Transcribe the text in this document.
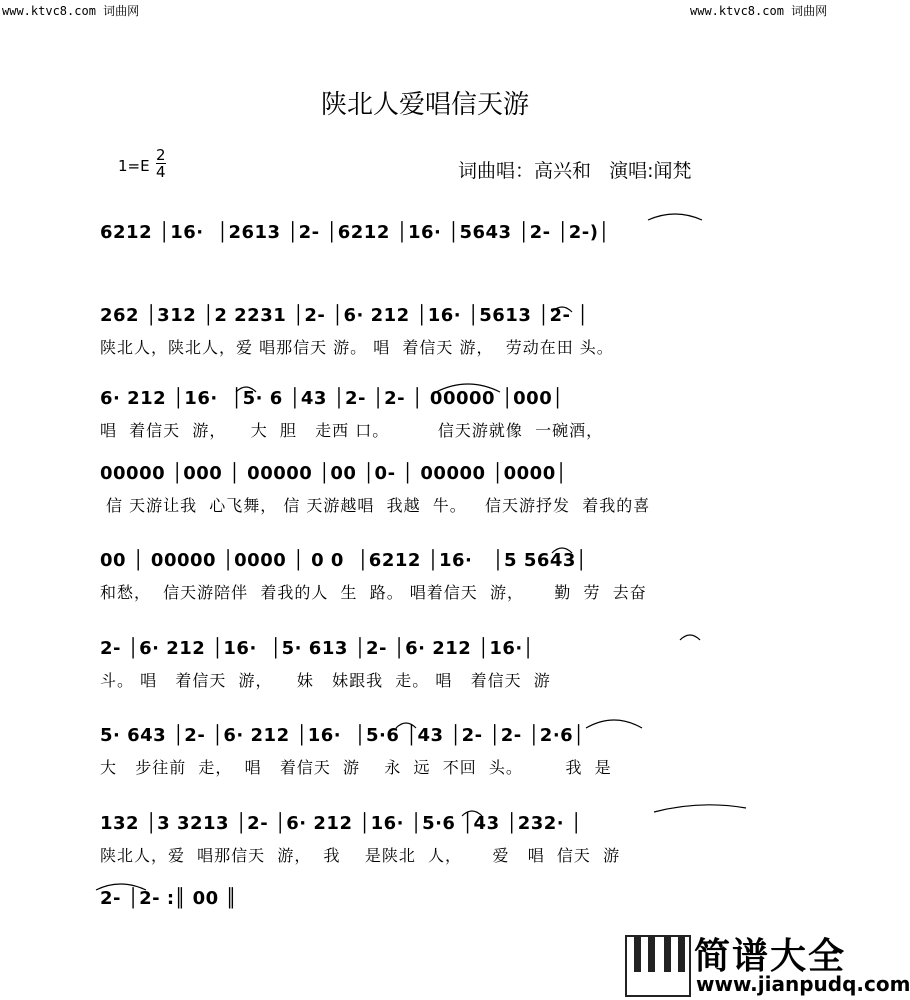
www.ktvc8.com 词曲网	www.ktvc8.com 词曲网
陕北人爱唱信天游
$1=E \frac{2}{4}$	词曲唱：高兴和   演唱:闻梵
6212 │16·  │2613 │2‑ │6212 │16· │5643 │2‑ │2‑)│
262 │312 │2 2231 │2‑ │6· 212 │16· │5613 │2‑ │
陕北人，陕北人，爱 唱那信天 游。 唱  着信天 游，  劳动在田 头。
6· 212 │16·  │5· 6 │43 │2‑ │2‑ │ 00000 │000│
唱  着信天  游，    大  胆   走西 口。        信天游就像  一碗酒，
00000 │000 │ 00000 │00 │0‑ │ 00000 │0000│
信 天游让我  心飞舞， 信 天游越唱  我越  牛。   信天游抒发  着我的喜
00 │ 00000 │0000 │ 0 0  │6212 │16·   │5 5643│
和愁，  信天游陪伴  着我的人  生  路。 唱着信天  游，     勤  劳  去奋
2‑ │6· 212 │16·  │5· 613 │2‑ │6· 212 │16·│
斗。 唱   着信天  游，    妹   妹跟我  走。 唱   着信天  游
5· 643 │2‑ │6· 212 │16·  │5·6 │43 │2‑ │2‑ │2·6│
大   步往前  走，  唱   着信天  游    永  远  不回  头。       我  是
132 │3 3213 │2‑ │6· 212 │16· │5·6 │43 │232· │
陕北人，爱  唱那信天  游，  我    是陕北  人，     爱   唱  信天  游
2‑ │2‑ :║ 00 ║
简谱大全
www.jianpudq.com
